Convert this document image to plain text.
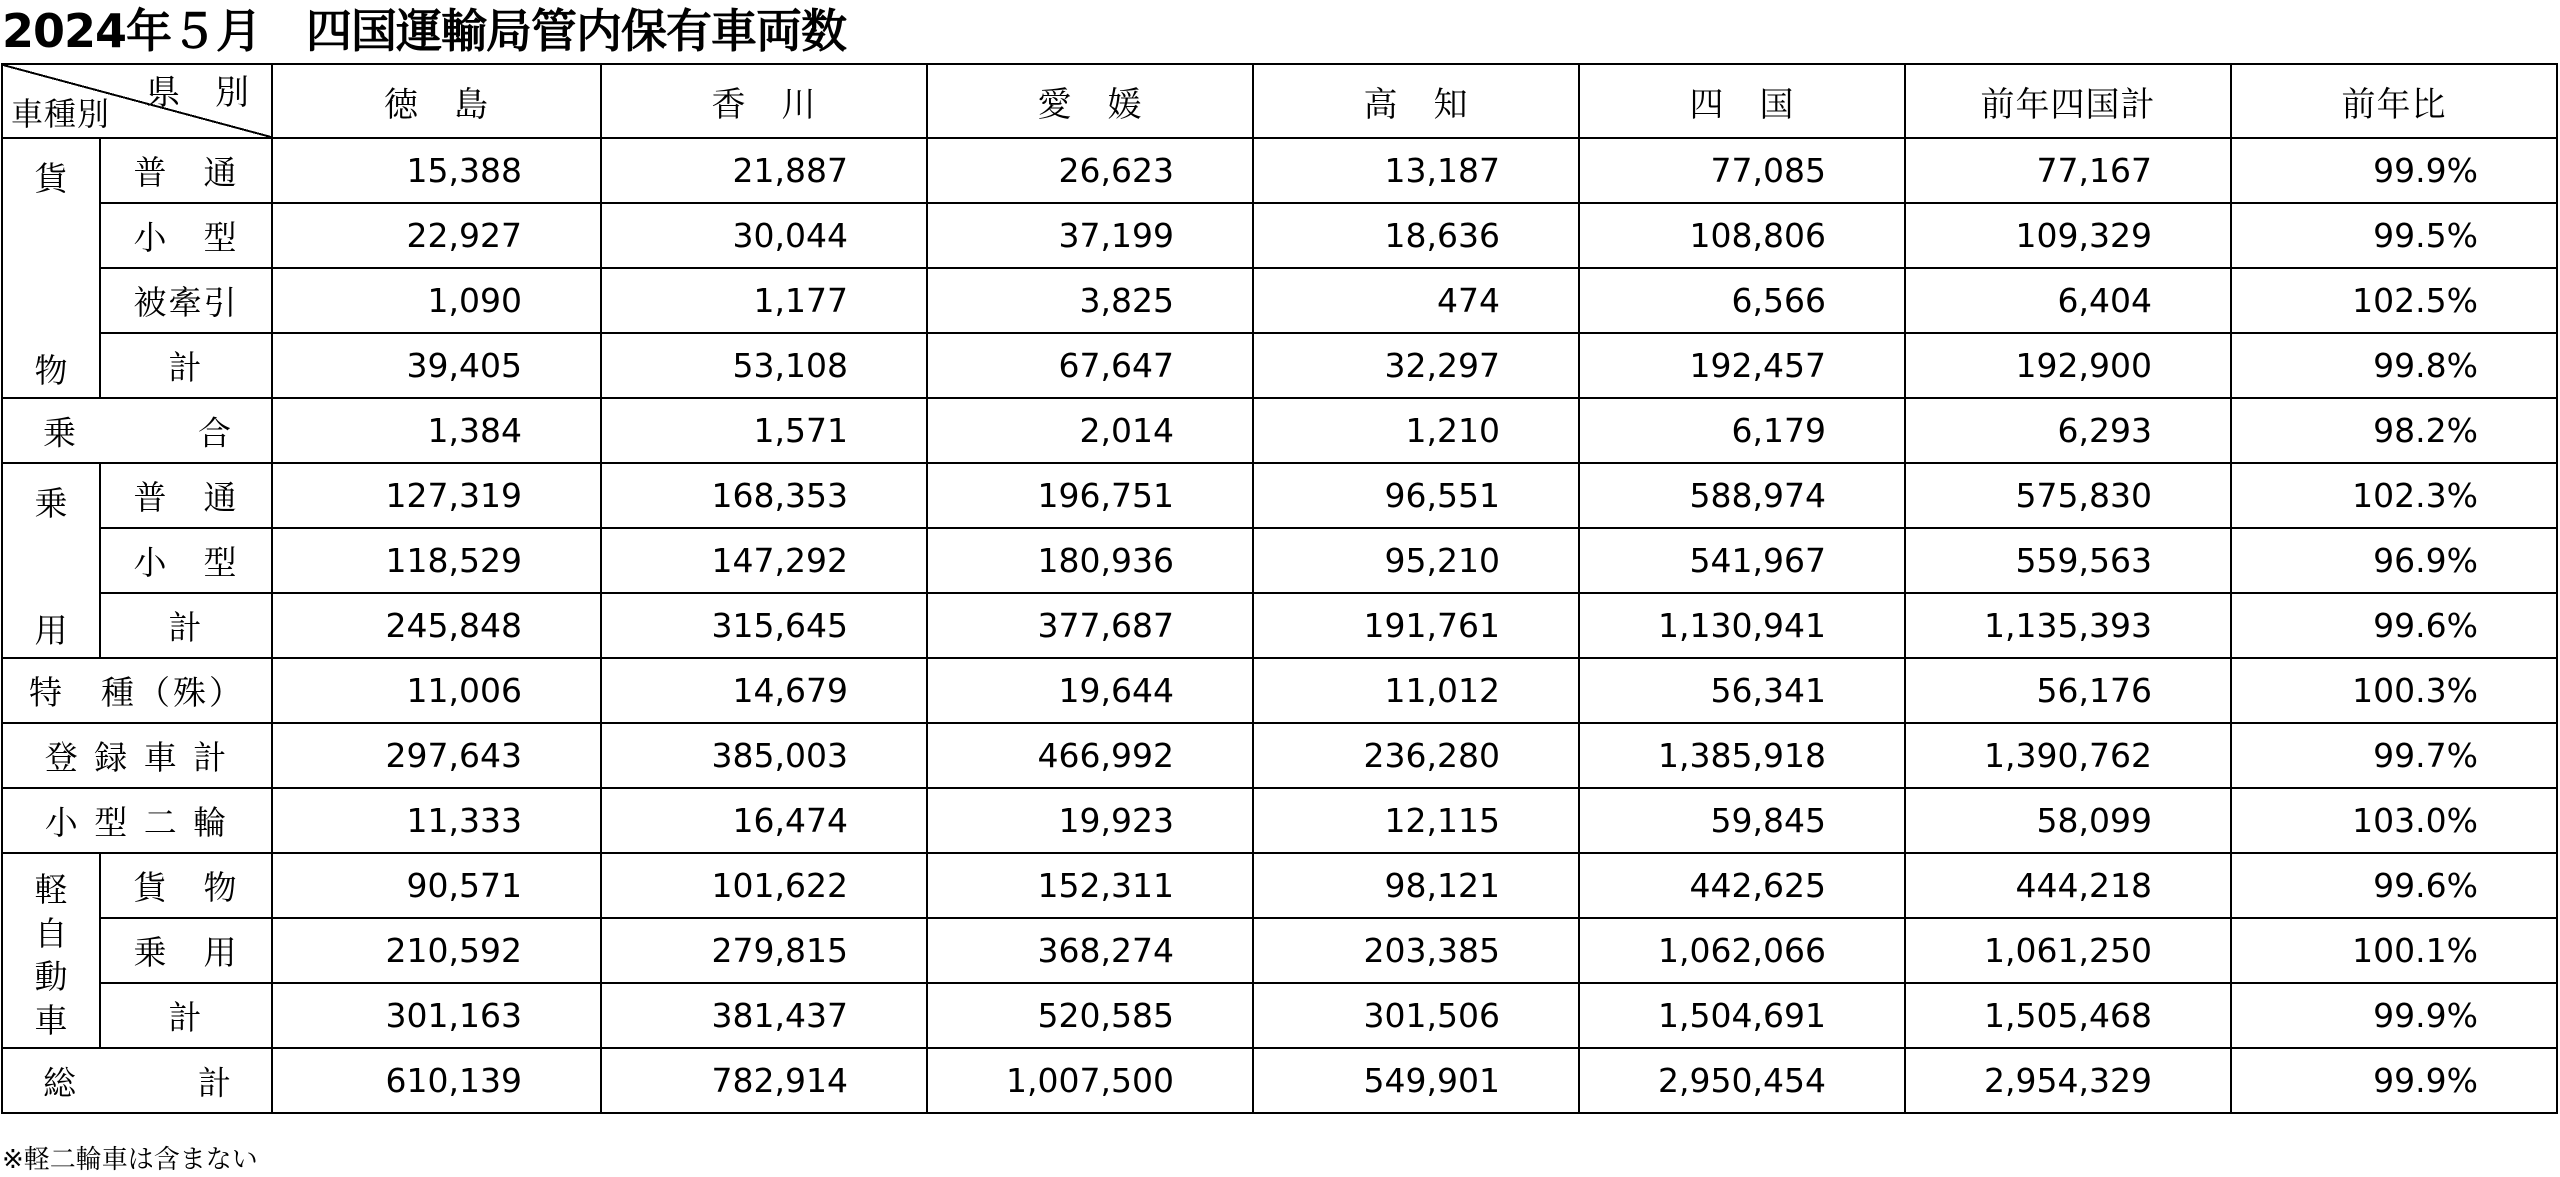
2024年５月　四国運輸局管内保有車両数
県 別
車種別		徳　島	香　川	愛　媛	高　知	四　国	前年四国計	前年比

貨
物	普　通	15,388	21,887	26,623	13,187	77,085	77,167	99.9%
	小　型	22,927	30,044	37,199	18,636	108,806	109,329	99.5%
	被牽引	1,090	1,177	3,825	474	6,566	6,404	102.5%
	計	39,405	53,108	67,647	32,297	192,457	192,900	99.8%

乗 合		1,384	1,571	2,014	1,210	6,179	6,293	98.2%

乗
用	普　通	127,319	168,353	196,751	96,551	588,974	575,830	102.3%
	小　型	118,529	147,292	180,936	95,210	541,967	559,563	96.9%
	計	245,848	315,645	377,687	191,761	1,130,941	1,135,393	99.6%
特　種（殊）		11,006	14,679	19,644	11,012	56,341	56,176	100.3%
登 録 車 計		297,643	385,003	466,992	236,280	1,385,918	1,390,762	99.7%
小 型 二 輪		11,333	16,474	19,923	12,115	59,845	58,099	103.0%

軽
自
動
車	貨　物	90,571	101,622	152,311	98,121	442,625	444,218	99.6%
	乗　用	210,592	279,815	368,274	203,385	1,062,066	1,061,250	100.1%
	計	301,163	381,437	520,585	301,506	1,504,691	1,505,468	99.9%

総 計		610,139	782,914	1,007,500	549,901	2,950,454	2,954,329	99.9%
※軽二輪車は含まない
